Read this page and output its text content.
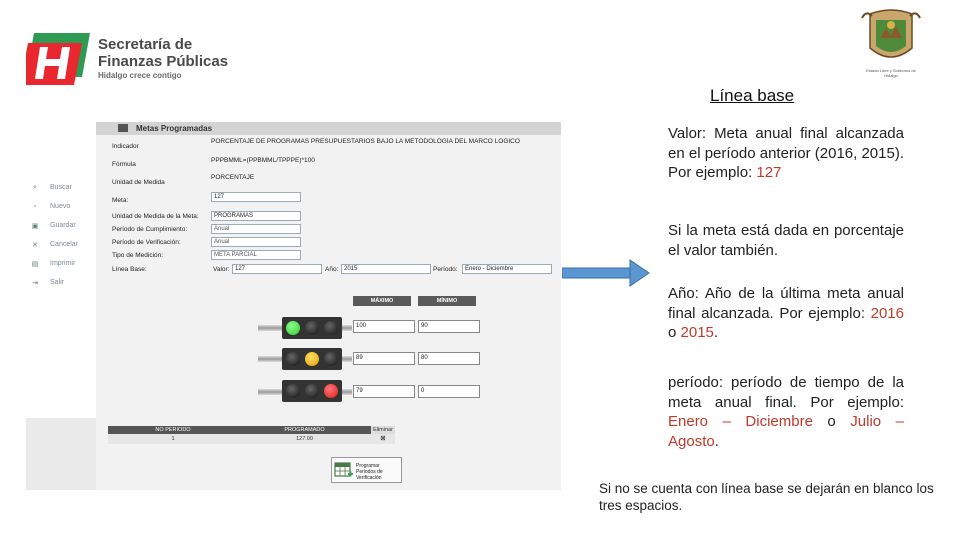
Secretaría de
Finanzas Públicas
Hidalgo crece contigo
Estado Libre y Soberano de Hidalgo
⌕	Buscar
▫	Nuevo
▣ Guardar
✕ Cancelar
▤ Imprimir
⇥ Salir
Metas Programadas
Indicador
PORCENTAJE DE PROGRAMAS PRESUPUESTARIOS BAJO LA METODOLOGÍA DEL MARCO LÓGICO
Fórmula
PPPBMML=(PPBMML/TPPPE)*100
Unidad de Medida
PORCENTAJE
Meta:	127
Unidad de Medida de la Meta:	PROGRAMAS
Período de Cumplimiento:	Anual
Período de Verificación:	Anual
Tipo de Medición:	META PARCIAL
Línea Base:	Valor: 127	Año: 2015	Período:	Enero - Diciembre
MÁXIMO	MÍNIMO
100	90
89	80
79	0
NO PERIODO	PROGRAMADO	Eliminar
1	127.00	☒
Programar Periodos de Verificación
Línea base
Valor: Meta anual final alcanzada en el período anterior (2016, 2015). Por ejemplo: 127
Si la meta está dada en porcentaje el valor también.
Año: Año de la última meta anual final alcanzada. Por ejemplo: 2016 o 2015.
período: período de tiempo de la meta anual final. Por ejemplo: Enero – Diciembre o Julio – Agosto.
Si no se cuenta con línea base se dejarán en blanco los tres espacios.
